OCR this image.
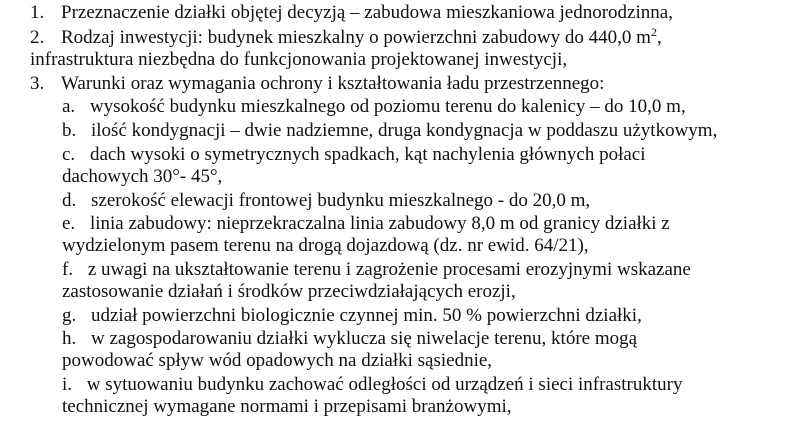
1. Przeznaczenie działki objętej decyzją – zabudowa mieszkaniowa jednorodzinna,
2. Rodzaj inwestycji: budynek mieszkalny o powierzchni zabudowy do 440,0 $m^2$,
infrastruktura niezbędna do funkcjonowania projektowanej inwestycji,
3. Warunki oraz wymagania ochrony i kształtowania ładu przestrzennego:
a. wysokość budynku mieszkalnego od poziomu terenu do kalenicy – do 10,0 m,
b. ilość kondygnacji – dwie nadziemne, druga kondygnacja w poddaszu użytkowym,
c. dach wysoki o symetrycznych spadkach, kąt nachylenia głównych połaci
dachowych 30°- 45°,
d. szerokość elewacji frontowej budynku mieszkalnego - do 20,0 m,
e. linia zabudowy: nieprzekraczalna linia zabudowy 8,0 m od granicy działki z
wydzielonym pasem terenu na drogą dojazdową (dz. nr ewid. 64/21),
f. z uwagi na ukształtowanie terenu i zagrożenie procesami erozyjnymi wskazane
zastosowanie działań i środków przeciwdziałających erozji,
g. udział powierzchni biologicznie czynnej min. 50 % powierzchni działki,
h. w zagospodarowaniu działki wyklucza się niwelacje terenu, które mogą
powodować spływ wód opadowych na działki sąsiednie,
i. w sytuowaniu budynku zachować odległości od urządzeń i sieci infrastruktury
technicznej wymagane normami i przepisami branżowymi,
